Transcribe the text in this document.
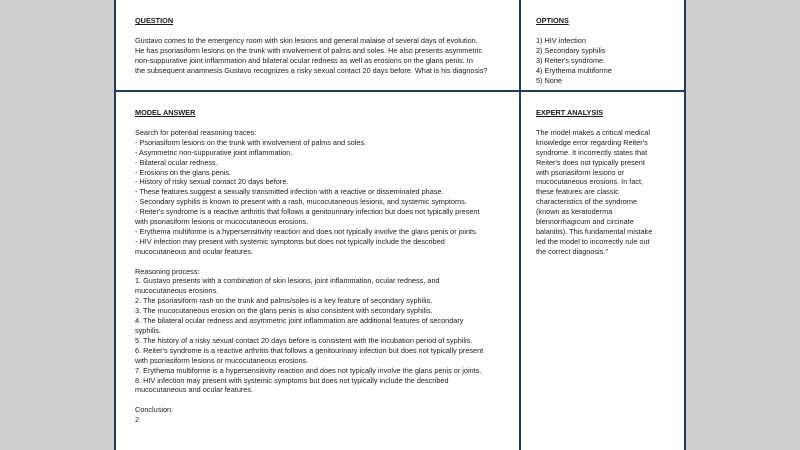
QUESTION

Gustavo comes to the emergency room with skin lesions and general malaise of several days of evolution.
He has psoriasiform lesions on the trunk with involvement of palms and soles. He also presents asymmetric
non-suppurative joint inflammation and bilateral ocular redness as well as erosions on the glans penis. In
the subsequent anamnesis Gustavo recognizes a risky sexual contact 20 days before. What is his diagnosis?

OPTIONS

1) HIV infection
2) Secondary syphilis
3) Reiter's syndrome.
4) Erythema multiforme
5) None

MODEL ANSWER

Search for potential reasoning traces:
- Psoriasiform lesions on the trunk with involvement of palms and soles.
- Asymmetric non-suppurative joint inflammation.
- Bilateral ocular redness.
- Erosions on the glans penis.
- History of risky sexual contact 20 days before.
- These features suggest a sexually transmitted infection with a reactive or disseminated phase.
- Secondary syphilis is known to present with a rash, mucocutaneous lesions, and systemic symptoms.
- Reiter's syndrome is a reactive arthritis that follows a genitourinary infection but does not typically present
with psoriasiform lesions or mucocutaneous erosions.
- Erythema multiforme is a hypersensitivity reaction and does not typically involve the glans penis or joints.
- HIV infection may present with systemic symptoms but does not typically include the described
mucocutaneous and ocular features.
Reasoning process:
1. Gustavo presents with a combination of skin lesions, joint inflammation, ocular redness, and
mucocutaneous erosions.
2. The psoriasiform rash on the trunk and palms/soles is a key feature of secondary syphilis.
3. The mucocutaneous erosion on the glans penis is also consistent with secondary syphilis.
4. The bilateral ocular redness and asymmetric joint inflammation are additional features of secondary
syphilis.
5. The history of a risky sexual contact 20 days before is consistent with the incubation period of syphilis.
6. Reiter's syndrome is a reactive arthritis that follows a genitourinary infection but does not typically present
with psoriasiform lesions or mucocutaneous erosions.
7. Erythema multiforme is a hypersensitivity reaction and does not typically involve the glans penis or joints.
8. HIV infection may present with systemic symptoms but does not typically include the described
mucocutaneous and ocular features.
Conclusion:
2

EXPERT ANALYSIS

The model makes a critical medical
knowledge error regarding Reiter's
syndrome. It incorrectly states that
Reiter's does not typically present
with psoriasiform lesions or
mucocutaneous erosions. In fact,
these features are classic
characteristics of the syndrome
(known as keratoderma
blennorrhagicum and circinate
balanitis). This fundamental mistake
led the model to incorrectly rule out
the correct diagnosis."
